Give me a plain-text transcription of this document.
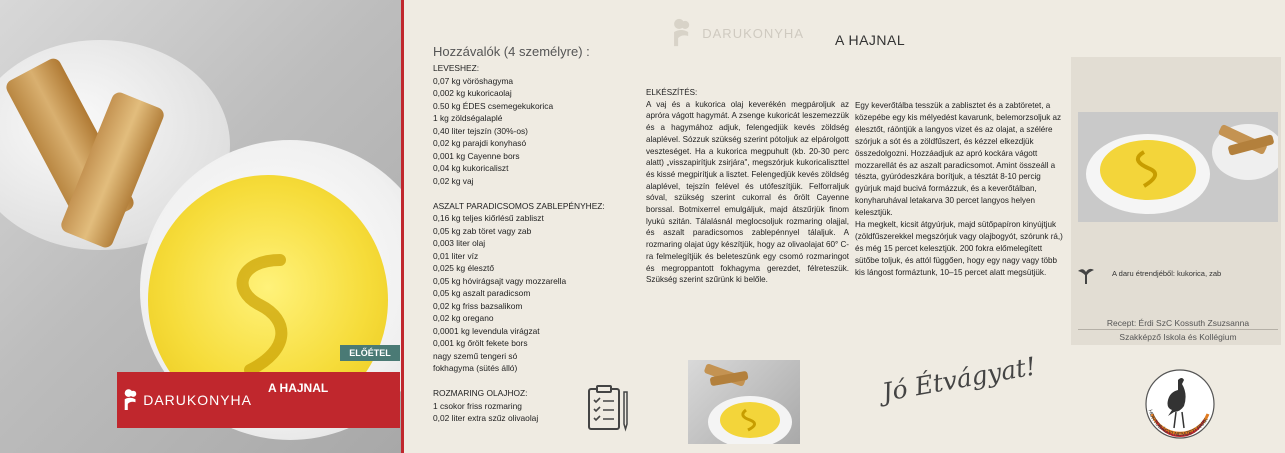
ELŐÉTEL
DARUKONYHA
A HAJNAL
DARUKONYHA A HAJNAL
Hozzávalók (4 személyre) :
LEVESHEZ:
0,07 kg vöröshagyma
0,002 kg kukoricaolaj
0.50 kg ÉDES csemegekukorica
1 kg zöldségalaplé
0,40 liter tejszín (30%-os)
0,02 kg parajdi konyhasó
0,001 kg Cayenne bors
0,04 kg kukoricaliszt
0,02 kg vaj
ASZALT PARADICSOMOS ZABLEPÉNYHEZ:
0,16 kg teljes kiőrlésű zabliszt
0,05 kg zab töret vagy zab
0,003 liter olaj
0,01 liter víz
0,025 kg élesztő
0,05 kg hóvirágsajt vagy mozzarella
0,05 kg aszalt paradicsom
0,02 kg friss bazsalikom
0,02 kg oregano
0,0001 kg levendula virágzat
0,001 kg őrölt fekete bors
nagy szemű tengeri só
fokhagyma (sütés álló)
ROZMARING OLAJHOZ:
1 csokor friss rozmaring
0,02 liter extra szűz olivaolaj

ELKÉSZÍTÉS:

A vaj és a kukorica olaj keverékén megpároljuk az apróra vágott hagymát. A zsenge kukoricát leszemezzük és a hagymához adjuk, felengedjük kevés zöldség alaplével. Sózzuk szükség szerint pótoljuk az elpárolgott veszteséget. Ha a kukorica megpuhult (kb. 20-30 perc alatt) „visszapirítjuk zsirjára", megszórjuk kukoricaliszttel és kissé megpirítjuk a lisztet. Felengedjük kevés zöldség alaplével, tejszín felével és utófeszítjük. Felforraljuk sóval, szükség szerint cukorral és őrölt Cayenne borssal. Botmixerrel emulgáljuk, majd átszűrjük finom lyukú szitán. Tálalásnál meglocsoljuk rozmaring olajjal, és aszalt paradicsomos zablepénnyel tálaljuk. A rozmaring olajat úgy készítjük, hogy az olivaolajat 60° C-ra felmelegítjük és beleteszünk egy csomó rozmaringot és megroppantott fokhagyma gerezdet, félreteszük. Szükség szerint szűrünk ki belőle.

Egy keverőtálba tesszük a zablisztet és a zabtöretet, a közepébe egy kis mélyedést kavarunk, belemorzsoljuk az élesztőt, ráöntjük a langyos vizet és az olajat, a szélére szórjuk a sót és a zöldfűszert, és kézzel elkezdjük összedolgozni. Hozzáadjuk az apró kockára vágott mozzarellát és az aszalt paradicsomot. Amint összeáll a tészta, gyúródeszkára borítjuk, a tésztát 8-10 percig gyúrjuk majd bucivá formázzuk, és a keverőtálban, konyharuhával letakarva 30 percet langyos helyen kelesztjük.

Ha megkelt, kicsit átgyúrjuk, majd sütőpapíron kinyújtjuk (zöldfűszerekkel megszórjuk vagy olajbogyót, szórunk rá,) és még 15 percet kelesztjük. 200 fokra előmelegített sütőbe toljuk, és attól függően, hogy egy nagy vagy több kis lángost formáztunk, 10–15 percet alatt megsütjük.

Jó Étvágyat!
A daru étrendjéből: kukorica, zab
Recept: Érdi SzC Kossuth Zsuzsanna
Szakképző Iskola és Kollégium
HORTOBÁGYI NEMZETI PARK
